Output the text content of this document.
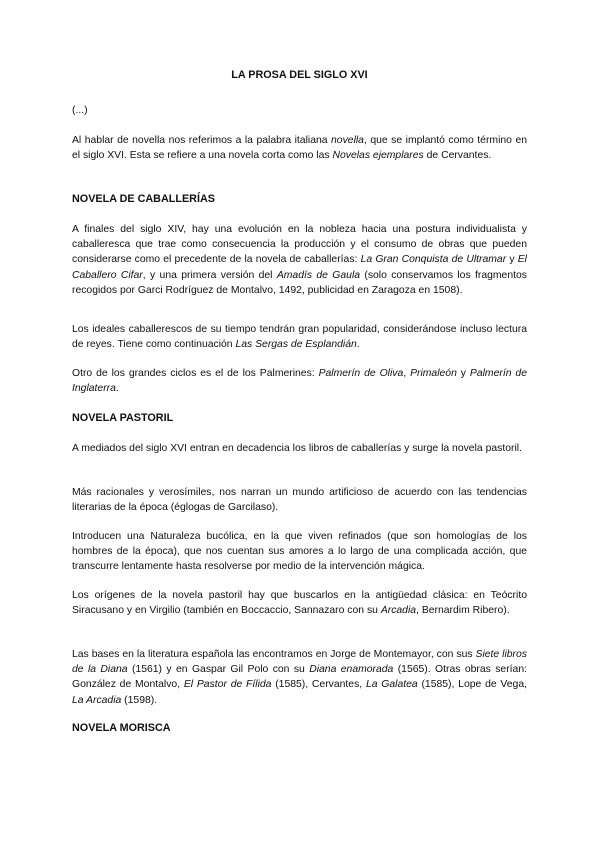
LA PROSA DEL SIGLO XVI

(...)

Al hablar de novella nos referimos a la palabra italiana novella, que se implantó como término en el siglo XVI. Esta se refiere a una novela corta como las Novelas ejemplares de Cervantes.

NOVELA DE CABALLERÍAS

A finales del siglo XIV, hay una evolución en la nobleza hacia una postura individualista y caballeresca que trae como consecuencia la producción y el consumo de obras que pueden considerarse como el precedente de la novela de caballerías: La Gran Conquista de Ultramar y El Caballero Cifar, y una primera versión del Amadís de Gaula (solo conservamos los fragmentos recogidos por Garci Rodríguez de Montalvo, 1492, publicidad en Zaragoza en 1508).

Los ideales caballerescos de su tiempo tendrán gran popularidad, considerándose incluso lectura de reyes. Tiene como continuación Las Sergas de Esplandián.

Otro de los grandes ciclos es el de los Palmerines: Palmerín de Oliva, Primaleón y Palmerín de Inglaterra.

NOVELA PASTORIL

A mediados del siglo XVI entran en decadencia los libros de caballerías y surge la novela pastoril.

Más racionales y verosímiles, nos narran un mundo artificioso de acuerdo con las tendencias literarias de la época (églogas de Garcilaso).

Introducen una Naturaleza bucólica, en la que viven refinados (que son homologías de los hombres de la época), que nos cuentan sus amores a lo largo de una complicada acción, que transcurre lentamente hasta resolverse por medio de la intervención mágica.

Los orígenes de la novela pastoril hay que buscarlos en la antigüedad clásica: en Teócrito Siracusano y en Virgilio (también en Boccaccio, Sannazaro con su Arcadia, Bernardim Ribero).

Las bases en la literatura española las encontramos en Jorge de Montemayor, con sus Siete libros de la Diana (1561) y en Gaspar Gil Polo con su Diana enamorada (1565). Otras obras serían: González de Montalvo, El Pastor de Fílida (1585), Cervantes, La Galatea (1585), Lope de Vega, La Arcadia (1598).

NOVELA MORISCA
